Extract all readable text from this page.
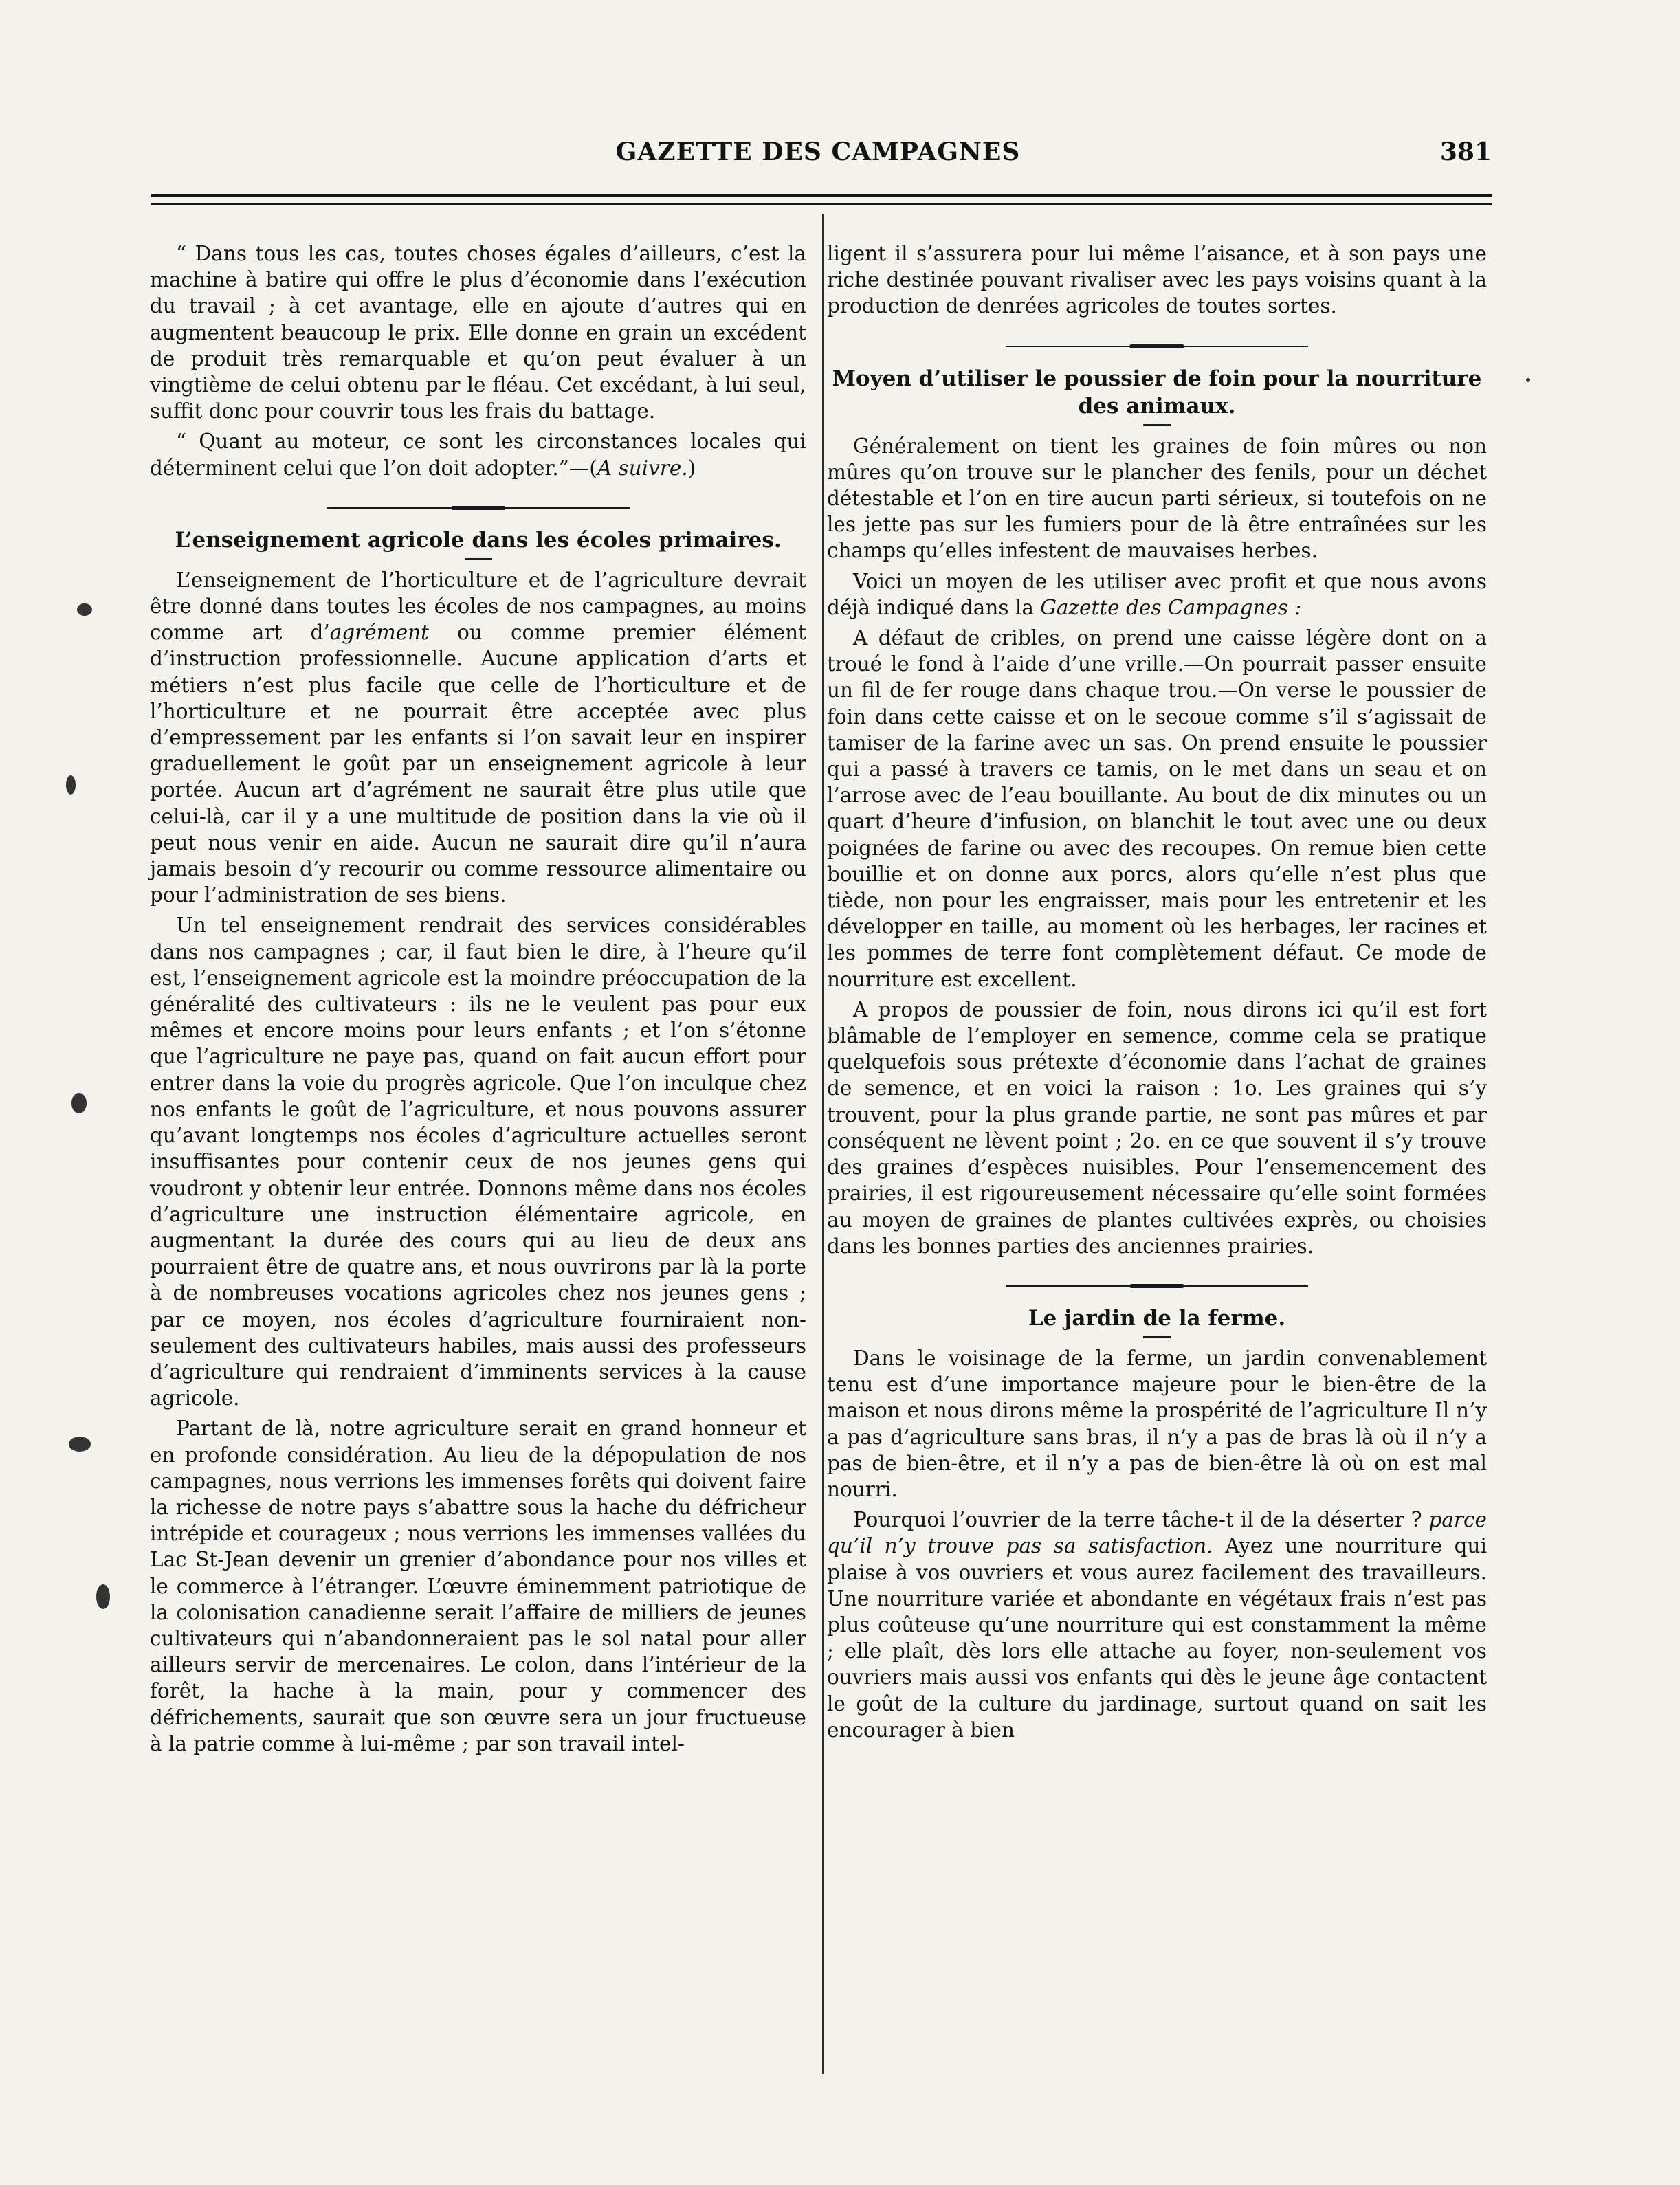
GAZETTE DES CAMPAGNES	381

“ Dans tous les cas, toutes choses égales d’ailleurs, c’est la machine à batire qui offre le plus d’économie dans l’exécution du travail ; à cet avantage, elle en ajoute d’autres qui en augmentent beaucoup le prix. Elle donne en grain un excédent de produit très remarquable et qu’on peut évaluer à un vingtième de celui obtenu par le fléau. Cet excédant, à lui seul, suffit donc pour couvrir tous les frais du battage.

“ Quant au moteur, ce sont les circonstances locales qui déterminent celui que l’on doit adopter.”—(A suivre.)

L’enseignement agricole dans les écoles primaires.

L’enseignement de l’horticulture et de l’agriculture devrait être donné dans toutes les écoles de nos campagnes, au moins comme art d’agrément ou comme premier élément d’instruction professionnelle. Aucune application d’arts et métiers n’est plus facile que celle de l’horticulture et de l’horticulture et ne pourrait être acceptée avec plus d’empressement par les enfants si l’on savait leur en inspirer graduellement le goût par un enseignement agricole à leur portée. Aucun art d’agrément ne saurait être plus utile que celui-là, car il y a une multitude de position dans la vie où il peut nous venir en aide. Aucun ne saurait dire qu’il n’aura jamais besoin d’y recourir ou comme ressource alimentaire ou pour l’administration de ses biens.

Un tel enseignement rendrait des services considérables dans nos campagnes ; car, il faut bien le dire, à l’heure qu’il est, l’enseignement agricole est la moindre préoccupation de la généralité des cultivateurs : ils ne le veulent pas pour eux mêmes et encore moins pour leurs enfants ; et l’on s’étonne que l’agriculture ne paye pas, quand on fait aucun effort pour entrer dans la voie du progrès agricole. Que l’on inculque chez nos enfants le goût de l’agriculture, et nous pouvons assurer qu’avant longtemps nos écoles d’agriculture actuelles seront insuffisantes pour contenir ceux de nos jeunes gens qui voudront y obtenir leur entrée. Donnons même dans nos écoles d’agriculture une instruction élémentaire agricole, en augmentant la durée des cours qui au lieu de deux ans pourraient être de quatre ans, et nous ouvrirons par là la porte à de nombreuses vocations agricoles chez nos jeunes gens ; par ce moyen, nos écoles d’agriculture fourniraient non-seulement des cultivateurs habiles, mais aussi des professeurs d’agriculture qui rendraient d’imminents services à la cause agricole.

Partant de là, notre agriculture serait en grand honneur et en profonde considération. Au lieu de la dépopulation de nos campagnes, nous verrions les immenses forêts qui doivent faire la richesse de notre pays s’abattre sous la hache du défricheur intrépide et courageux ; nous verrions les immenses vallées du Lac St-Jean devenir un grenier d’abondance pour nos villes et le commerce à l’étranger. L’œuvre éminemment patriotique de la colonisation canadienne serait l’affaire de milliers de jeunes cultivateurs qui n’abandonneraient pas le sol natal pour aller ailleurs servir de mercenaires. Le colon, dans l’intérieur de la forêt, la hache à la main, pour y commencer des défrichements, saurait que son œuvre sera un jour fructueuse à la patrie comme à lui-même ; par son travail intel-

ligent il s’assurera pour lui même l’aisance, et à son pays une riche destinée pouvant rivaliser avec les pays voisins quant à la production de denrées agricoles de toutes sortes.

Moyen d’utiliser le poussier de foin pour la nourriture des animaux.

Généralement on tient les graines de foin mûres ou non mûres qu’on trouve sur le plancher des fenils, pour un déchet détestable et l’on en tire aucun parti sérieux, si toutefois on ne les jette pas sur les fumiers pour de là être entraînées sur les champs qu’elles infestent de mauvaises herbes.

Voici un moyen de les utiliser avec profit et que nous avons déjà indiqué dans la Gazette des Campagnes :

A défaut de cribles, on prend une caisse légère dont on a troué le fond à l’aide d’une vrille.—On pourrait passer ensuite un fil de fer rouge dans chaque trou.—On verse le poussier de foin dans cette caisse et on le secoue comme s’il s’agissait de tamiser de la farine avec un sas. On prend ensuite le poussier qui a passé à travers ce tamis, on le met dans un seau et on l’arrose avec de l’eau bouillante. Au bout de dix minutes ou un quart d’heure d’infusion, on blanchit le tout avec une ou deux poignées de farine ou avec des recoupes. On remue bien cette bouillie et on donne aux porcs, alors qu’elle n’est plus que tiède, non pour les engraisser, mais pour les entretenir et les développer en taille, au moment où les herbages, ler racines et les pommes de terre font complètement défaut. Ce mode de nourriture est excellent.

A propos de poussier de foin, nous dirons ici qu’il est fort blâmable de l’employer en semence, comme cela se pratique quelquefois sous prétexte d’économie dans l’achat de graines de semence, et en voici la raison : 1o. Les graines qui s’y trouvent, pour la plus grande partie, ne sont pas mûres et par conséquent ne lèvent point ; 2o. en ce que souvent il s’y trouve des graines d’espèces nuisibles. Pour l’ensemencement des prairies, il est rigoureusement nécessaire qu’elle soint formées au moyen de graines de plantes cultivées exprès, ou choisies dans les bonnes parties des anciennes prairies.

Le jardin de la ferme.

Dans le voisinage de la ferme, un jardin convenablement tenu est d’une importance majeure pour le bien-être de la maison et nous dirons même la prospérité de l’agriculture Il n’y a pas d’agriculture sans bras, il n’y a pas de bras là où il n’y a pas de bien-être, et il n’y a pas de bien-être là où on est mal nourri.

Pourquoi l’ouvrier de la terre tâche-t il de la déserter ? parce qu’il n’y trouve pas sa satisfaction. Ayez une nourriture qui plaise à vos ouvriers et vous aurez facilement des travailleurs. Une nourriture variée et abondante en végétaux frais n’est pas plus coûteuse qu’une nourriture qui est constamment la même ; elle plaît, dès lors elle attache au foyer, non-seulement vos ouvriers mais aussi vos enfants qui dès le jeune âge contactent le goût de la culture du jardinage, surtout quand on sait les encourager à bien
